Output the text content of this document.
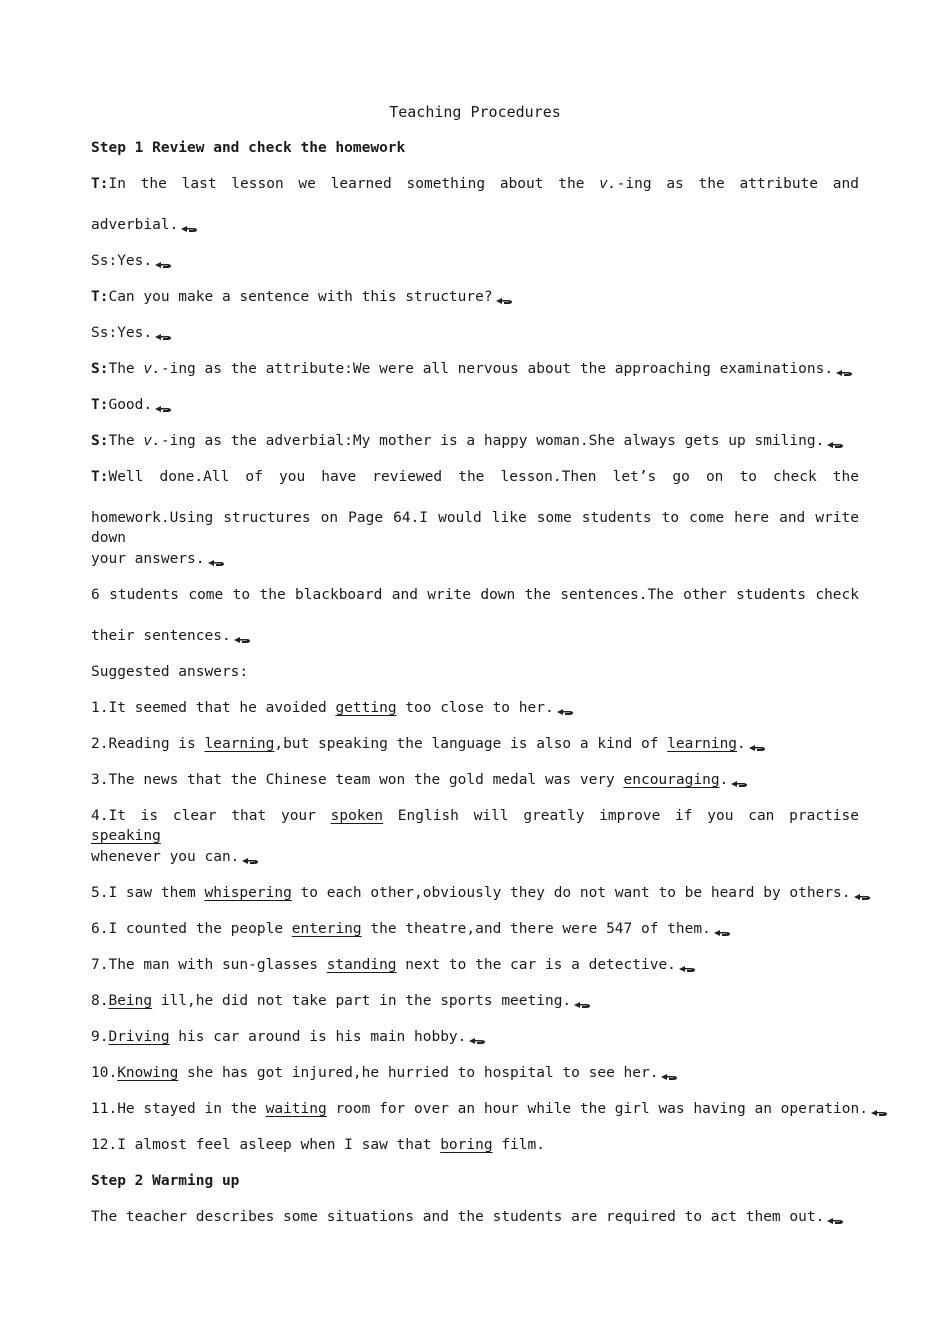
Teaching Procedures
Step 1 Review and check the homework
T:In the last lesson we learned something about the v.-ing as the attribute and
adverbial.
Ss:Yes.
T:Can you make a sentence with this structure?
Ss:Yes.
S:The v.-ing as the attribute:We were all nervous about the approaching examinations.
T:Good.
S:The v.-ing as the adverbial:My mother is a happy woman.She always gets up smiling.
T:Well done.All of you have reviewed the lesson.Then let’s go on to check the
homework.Using structures on Page 64.I would like some students to come here and write down
your answers.
6 students come to the blackboard and write down the sentences.The other students check
their sentences.
Suggested answers:
1.It seemed that he avoided getting too close to her.
2.Reading is learning,but speaking the language is also a kind of learning.
3.The news that the Chinese team won the gold medal was very encouraging.
4.It is clear that your spoken English will greatly improve if you can practise speaking
whenever you can.
5.I saw them whispering to each other,obviously they do not want to be heard by others.
6.I counted the people entering the theatre,and there were 547 of them.
7.The man with sun-glasses standing next to the car is a detective.
8.Being ill,he did not take part in the sports meeting.
9.Driving his car around is his main hobby.
10.Knowing she has got injured,he hurried to hospital to see her.
11.He stayed in the waiting room for over an hour while the girl was having an operation.
12.I almost feel asleep when I saw that boring film.
Step 2 Warming up
The teacher describes some situations and the students are required to act them out.
